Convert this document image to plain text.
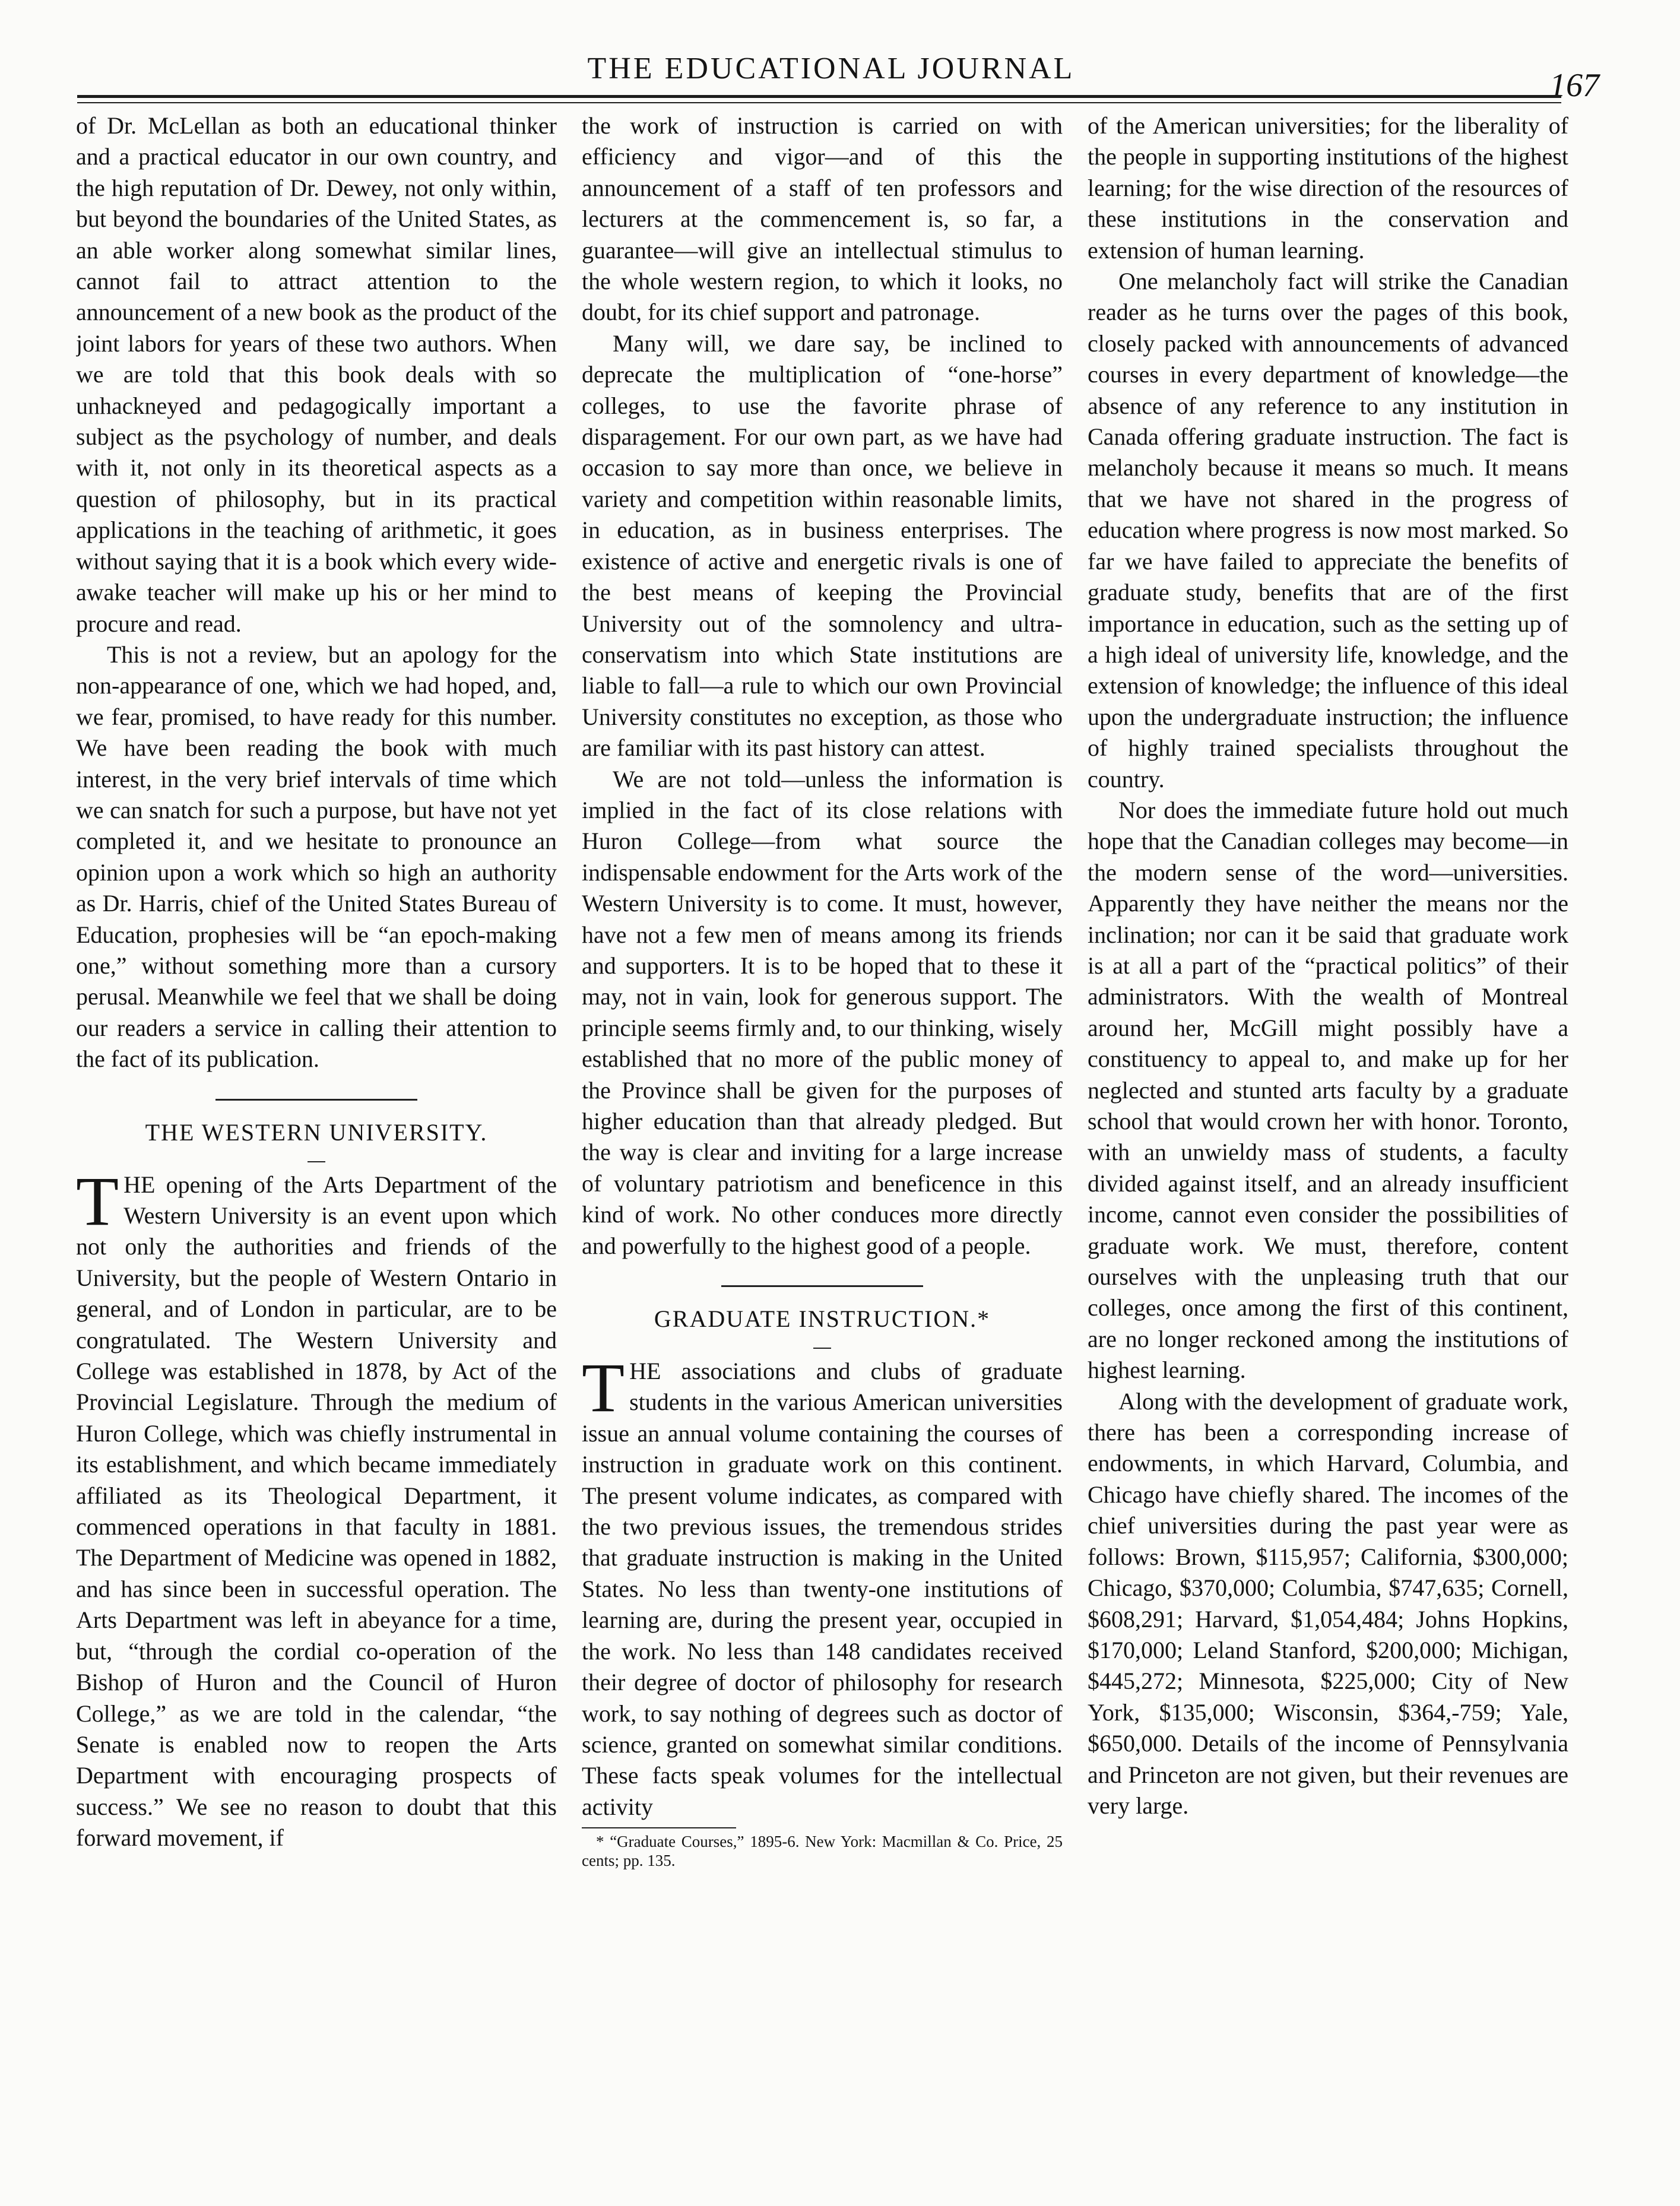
THE EDUCATIONAL JOURNAL	167

of Dr. McLellan as both an educational thinker and a practical educator in our own country, and the high reputation of Dr. Dewey, not only within, but beyond the boundaries of the United States, as an able worker along somewhat similar lines, cannot fail to attract attention to the announcement of a new book as the product of the joint labors for years of these two authors. When we are told that this book deals with so unhackneyed and pedagogically important a subject as the psychology of number, and deals with it, not only in its theoretical aspects as a question of philosophy, but in its practical applications in the teaching of arithmetic, it goes without saying that it is a book which every wide-awake teacher will make up his or her mind to procure and read.

This is not a review, but an apology for the non-appearance of one, which we had hoped, and, we fear, promised, to have ready for this number. We have been reading the book with much interest, in the very brief intervals of time which we can snatch for such a purpose, but have not yet completed it, and we hesitate to pronounce an opinion upon a work which so high an authority as Dr. Harris, chief of the United States Bureau of Education, prophesies will be “an epoch-making one,” without something more than a cursory perusal. Meanwhile we feel that we shall be doing our readers a service in calling their attention to the fact of its publication.

THE WESTERN UNIVERSITY.

THE opening of the Arts Department of the Western University is an event upon which not only the authorities and friends of the University, but the people of Western Ontario in general, and of London in particular, are to be congratulated. The Western University and College was established in 1878, by Act of the Provincial Legislature. Through the medium of Huron College, which was chiefly instrumental in its establishment, and which became immediately affiliated as its Theological Department, it commenced operations in that faculty in 1881. The Department of Medicine was opened in 1882, and has since been in successful operation. The Arts Department was left in abeyance for a time, but, “through the cordial co-operation of the Bishop of Huron and the Council of Huron College,” as we are told in the calendar, “the Senate is enabled now to reopen the Arts Department with encouraging prospects of success.” We see no reason to doubt that this forward movement, if

the work of instruction is carried on with efficiency and vigor—and of this the announcement of a staff of ten professors and lecturers at the commencement is, so far, a guarantee—will give an intellectual stimulus to the whole western region, to which it looks, no doubt, for its chief support and patronage.

Many will, we dare say, be inclined to deprecate the multiplication of “one-horse” colleges, to use the favorite phrase of disparagement. For our own part, as we have had occasion to say more than once, we believe in variety and competition within reasonable limits, in education, as in business enterprises. The existence of active and energetic rivals is one of the best means of keeping the Provincial University out of the somnolency and ultra-conservatism into which State institutions are liable to fall—a rule to which our own Provincial University constitutes no exception, as those who are familiar with its past history can attest.

We are not told—unless the information is implied in the fact of its close relations with Huron College—from what source the indispensable endowment for the Arts work of the Western University is to come. It must, however, have not a few men of means among its friends and supporters. It is to be hoped that to these it may, not in vain, look for generous support. The principle seems firmly and, to our thinking, wisely established that no more of the public money of the Province shall be given for the purposes of higher education than that already pledged. But the way is clear and inviting for a large increase of voluntary patriotism and beneficence in this kind of work. No other conduces more directly and powerfully to the highest good of a people.

GRADUATE INSTRUCTION.*

THE associations and clubs of graduate students in the various American universities issue an annual volume containing the courses of instruction in graduate work on this continent. The present volume indicates, as compared with the two previous issues, the tremendous strides that graduate instruction is making in the United States. No less than twenty-one institutions of learning are, during the present year, occupied in the work. No less than 148 candidates received their degree of doctor of philosophy for research work, to say nothing of degrees such as doctor of science, granted on somewhat similar conditions. These facts speak volumes for the intellectual activity

* “Graduate Courses,” 1895-6. New York: Macmillan & Co. Price, 25 cents; pp. 135.

of the American universities; for the liberality of the people in supporting institutions of the highest learning; for the wise direction of the resources of these institutions in the conservation and extension of human learning.

One melancholy fact will strike the Canadian reader as he turns over the pages of this book, closely packed with announcements of advanced courses in every department of knowledge—the absence of any reference to any institution in Canada offering graduate instruction. The fact is melancholy because it means so much. It means that we have not shared in the progress of education where progress is now most marked. So far we have failed to appreciate the benefits of graduate study, benefits that are of the first importance in education, such as the setting up of a high ideal of university life, knowledge, and the extension of knowledge; the influence of this ideal upon the undergraduate instruction; the influence of highly trained specialists throughout the country.

Nor does the immediate future hold out much hope that the Canadian colleges may become—in the modern sense of the word—universities. Apparently they have neither the means nor the inclination; nor can it be said that graduate work is at all a part of the “practical politics” of their administrators. With the wealth of Montreal around her, McGill might possibly have a constituency to appeal to, and make up for her neglected and stunted arts faculty by a graduate school that would crown her with honor. Toronto, with an unwieldy mass of students, a faculty divided against itself, and an already insufficient income, cannot even consider the possibilities of graduate work. We must, therefore, content ourselves with the unpleasing truth that our colleges, once among the first of this continent, are no longer reckoned among the institutions of highest learning.

Along with the development of graduate work, there has been a corresponding increase of endowments, in which Harvard, Columbia, and Chicago have chiefly shared. The incomes of the chief universities during the past year were as follows: Brown, $115,957; California, $300,000; Chicago, $370,000; Columbia, $747,635; Cornell, $608,291; Harvard, $1,054,484; Johns Hopkins, $170,000; Leland Stanford, $200,000; Michigan, $445,272; Minnesota, $225,000; City of New York, $135,000; Wisconsin, $364,-759; Yale, $650,000. Details of the income of Pennsylvania and Princeton are not given, but their revenues are very large.
